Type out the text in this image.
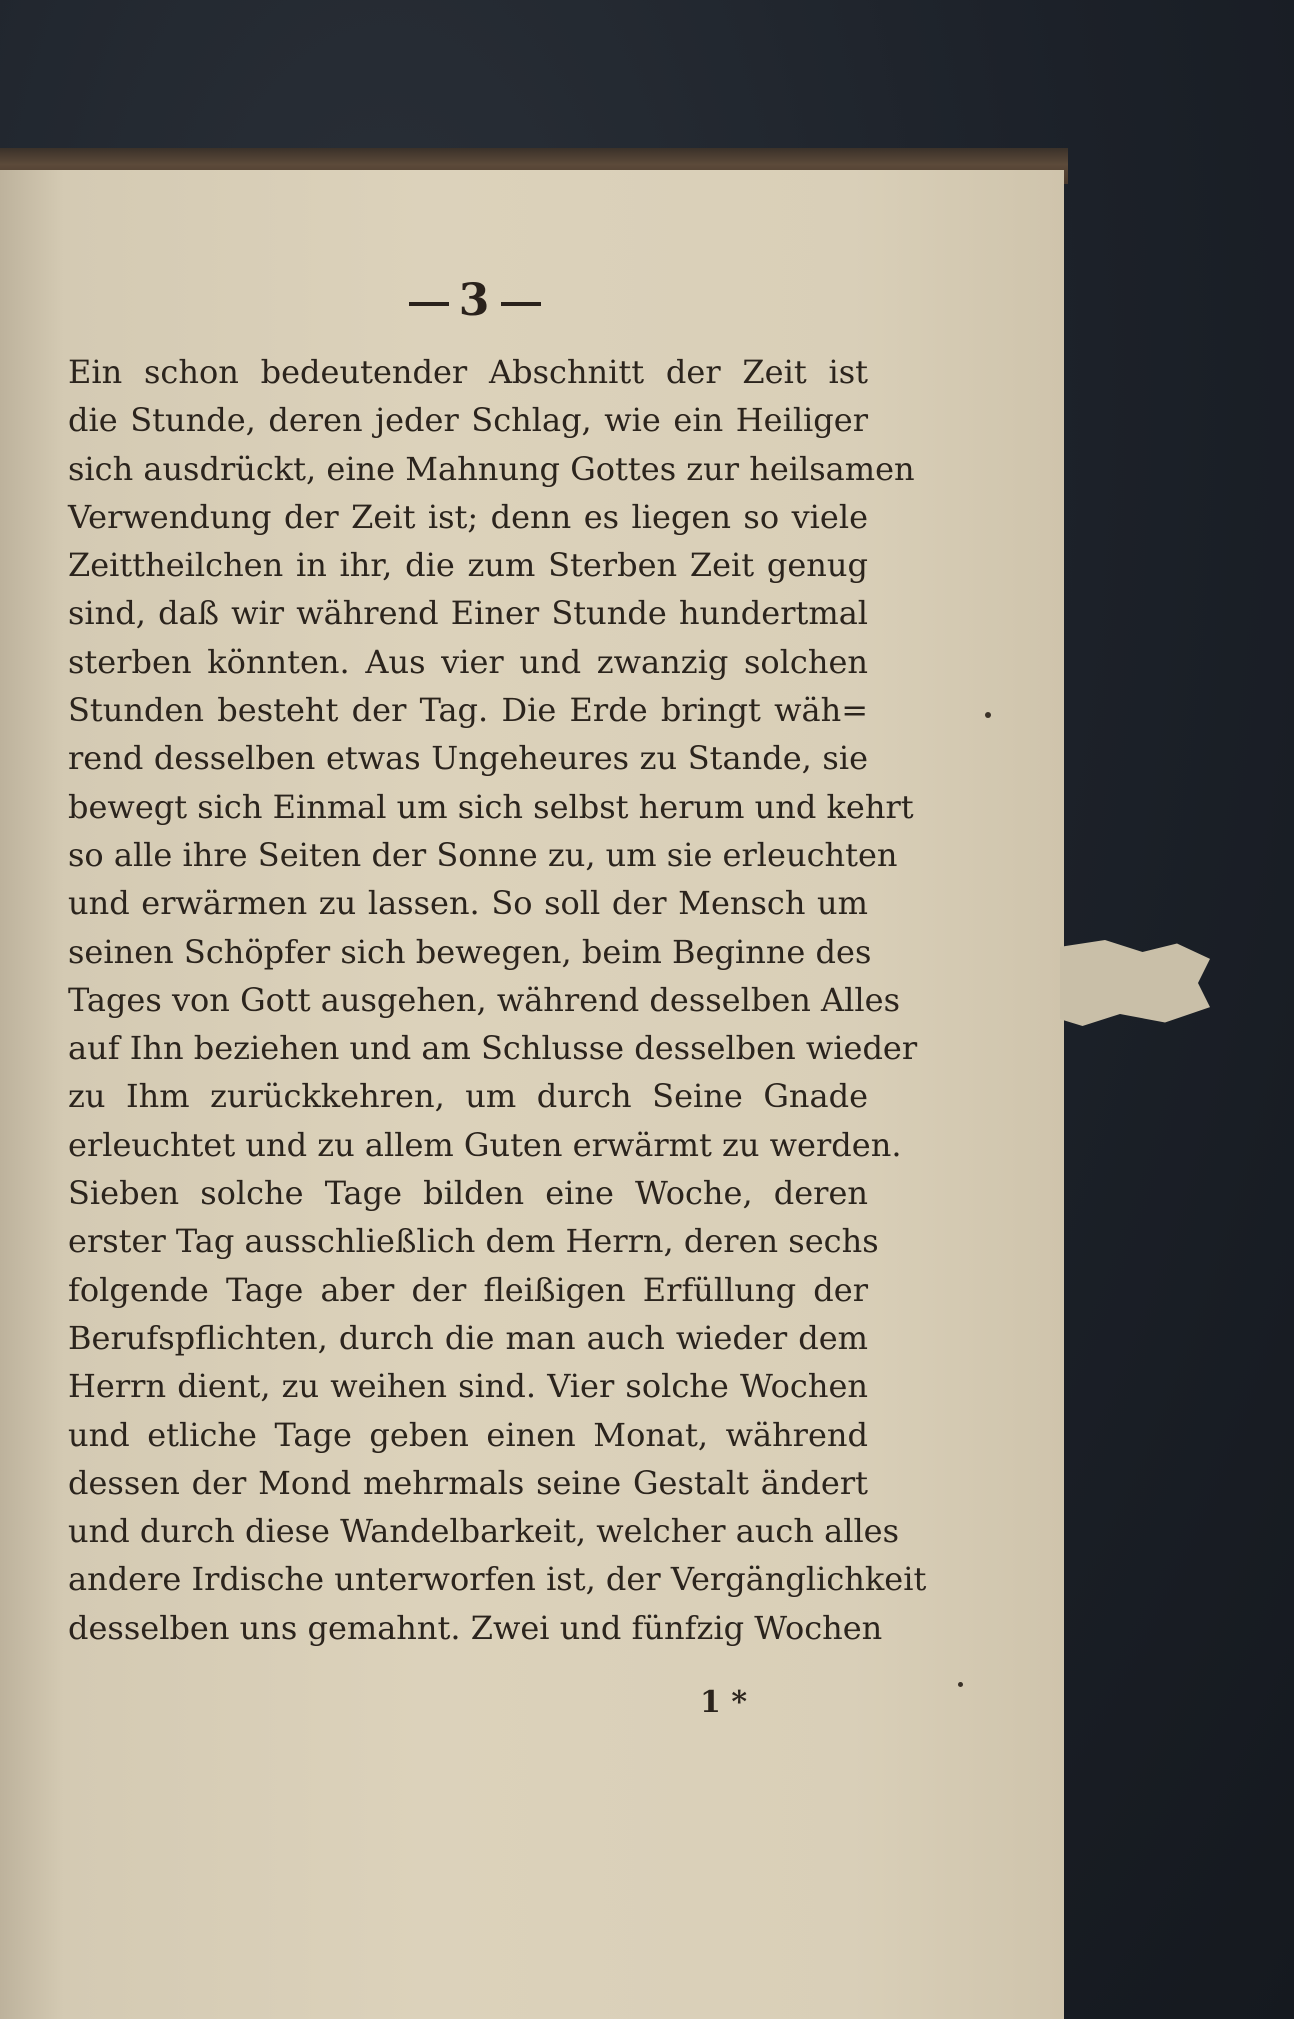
3
Ein schon bedeutender Abschnitt der Zeit ist
die Stunde, deren jeder Schlag, wie ein Heiliger
sich ausdrückt, eine Mahnung Gottes zur heilsamen
Verwendung der Zeit ist; denn es liegen so viele
Zeittheilchen in ihr, die zum Sterben Zeit genug
sind, daß wir während Einer Stunde hundertmal
sterben könnten. Aus vier und zwanzig solchen
Stunden besteht der Tag. Die Erde bringt wäh=
rend desselben etwas Ungeheures zu Stande, sie
bewegt sich Einmal um sich selbst herum und kehrt
so alle ihre Seiten der Sonne zu, um sie erleuchten
und erwärmen zu lassen. So soll der Mensch um
seinen Schöpfer sich bewegen, beim Beginne des
Tages von Gott ausgehen, während desselben Alles
auf Ihn beziehen und am Schlusse desselben wieder
zu Ihm zurückkehren, um durch Seine Gnade
erleuchtet und zu allem Guten erwärmt zu werden.
Sieben solche Tage bilden eine Woche, deren
erster Tag ausschließlich dem Herrn, deren sechs
folgende Tage aber der fleißigen Erfüllung der
Berufspflichten, durch die man auch wieder dem
Herrn dient, zu weihen sind. Vier solche Wochen
und etliche Tage geben einen Monat, während
dessen der Mond mehrmals seine Gestalt ändert
und durch diese Wandelbarkeit, welcher auch alles
andere Irdische unterworfen ist, der Vergänglichkeit
desselben uns gemahnt. Zwei und fünfzig Wochen
1 *
